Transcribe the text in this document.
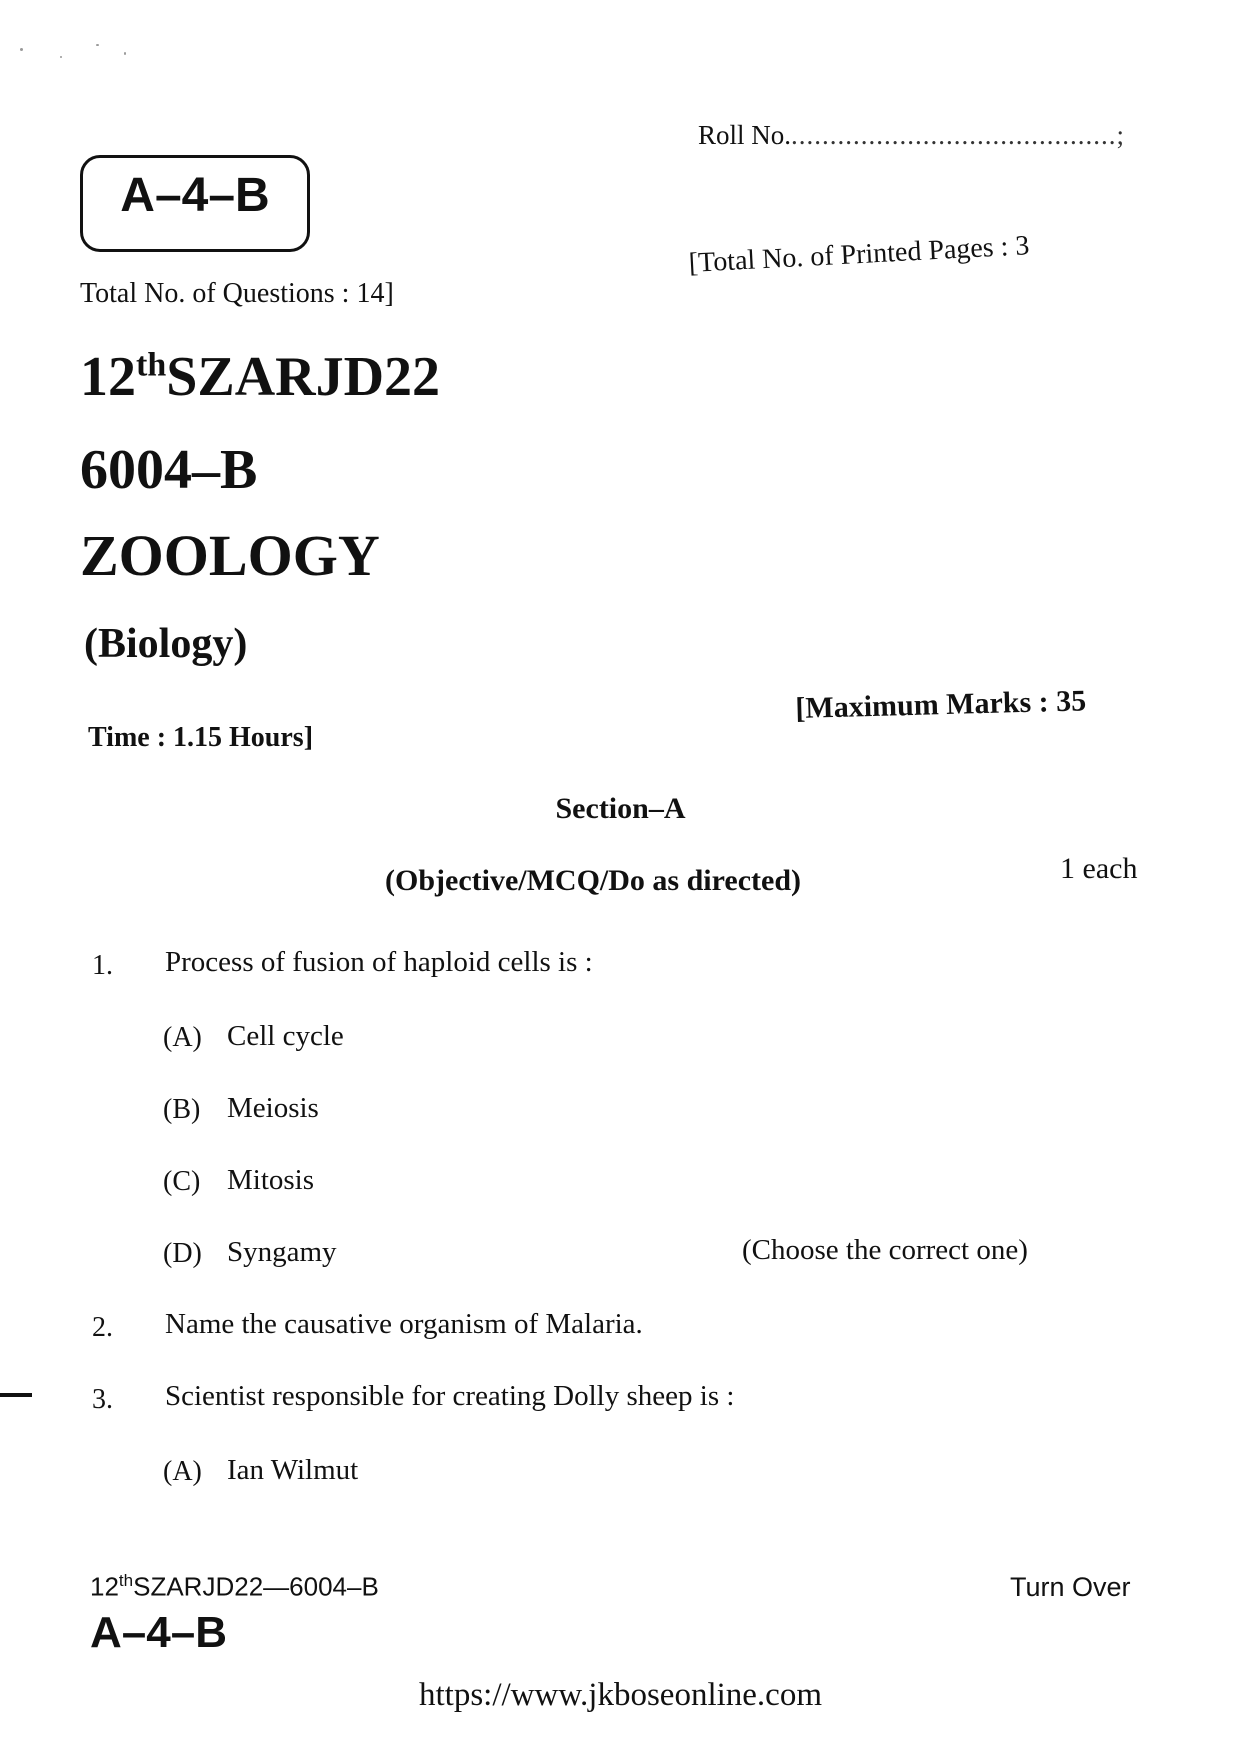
Roll No...........................................;
A–4–B
Total No. of Questions : 14]
[Total No. of Printed Pages : 3
12thSZARJD22
6004–B
ZOOLOGY
(Biology)
Time : 1.15 Hours]
[Maximum Marks : 35
Section–A
(Objective/MCQ/Do as directed)	1 each
1. Process of fusion of haploid cells is :
(A) Cell cycle
(B) Meiosis
(C) Mitosis
(D) Syngamy	(Choose the correct one)
2. Name the causative organism of Malaria.
3. Scientist responsible for creating Dolly sheep is :
(A) Ian Wilmut
12thSZARJD22—6004–B
A–4–B
Turn Over
https://www.jkboseonline.com
